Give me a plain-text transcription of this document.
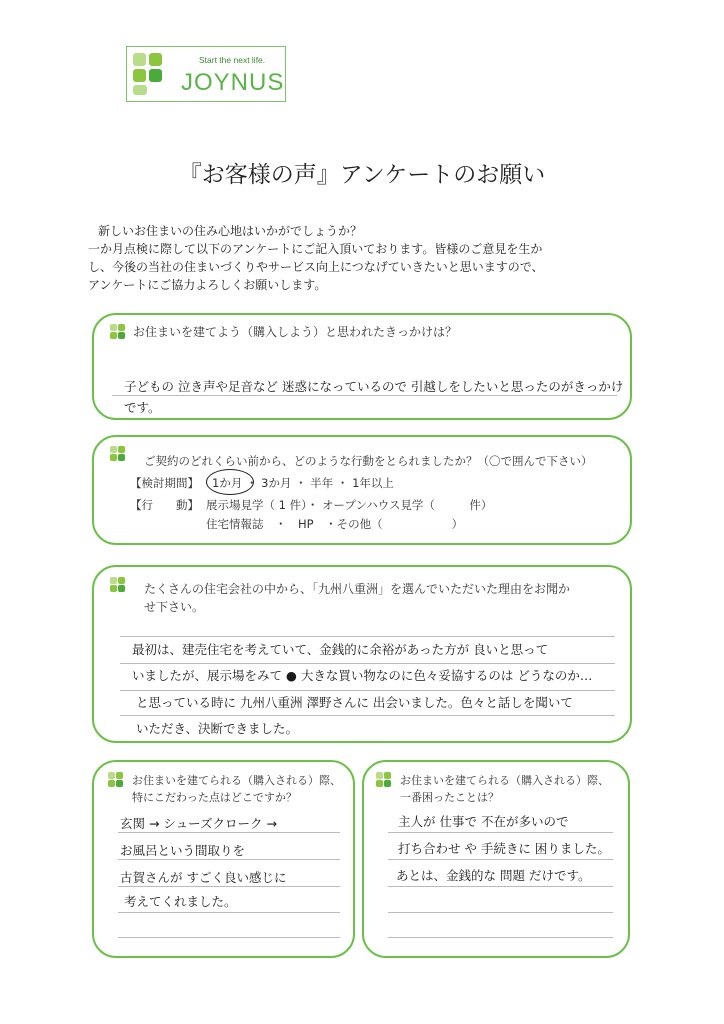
Start the next life.
JOYNUS
『お客様の声』アンケートのお願い
新しいお住まいの住み心地はいかがでしょうか？
一か月点検に際して以下のアンケートにご記入頂いております。皆様のご意見を生か
し、今後の当社の住まいづくりやサービス向上につなげていきたいと思いますので、
アンケートにご協力よろしくお願いします。
お住まいを建てよう（購入しよう）と思われたきっかけは？
子どもの 泣き声や足音など 迷惑になっているので 引越しをしたいと思ったのがきっかけ
です。
ご契約のどれくらい前から、どのような行動をとられましたか？（〇で囲んで下さい）
【検討期間】 1か月 ・ 3か月 ・ 半年 ・ 1年以上
【行　　動】 展示場見学（ 1 件）・ オープンハウス見学（　　　件）
住宅情報誌　・　HP　・その他（　　　　　　）
たくさんの住宅会社の中から、「九州八重洲」を選んでいただいた理由をお聞か
せ下さい。
最初は、建売住宅を考えていて、金銭的に余裕があった方が 良いと思って
いましたが、展示場をみて ● 大きな買い物なのに色々妥協するのは どうなのか…
と思っている時に 九州八重洲 澤野さんに 出会いました。色々と話しを聞いて
いただき、決断できました。
お住まいを建てられる（購入される）際、
特にこだわった点はどこですか？
玄関 → シューズクローク →
お風呂という間取りを
古賀さんが すごく良い感じに
考えてくれました。
お住まいを建てられる（購入される）際、
一番困ったことは？
主人が 仕事で 不在が多いので
打ち合わせ や 手続きに 困りました。
あとは、金銭的な 問題 だけです。
